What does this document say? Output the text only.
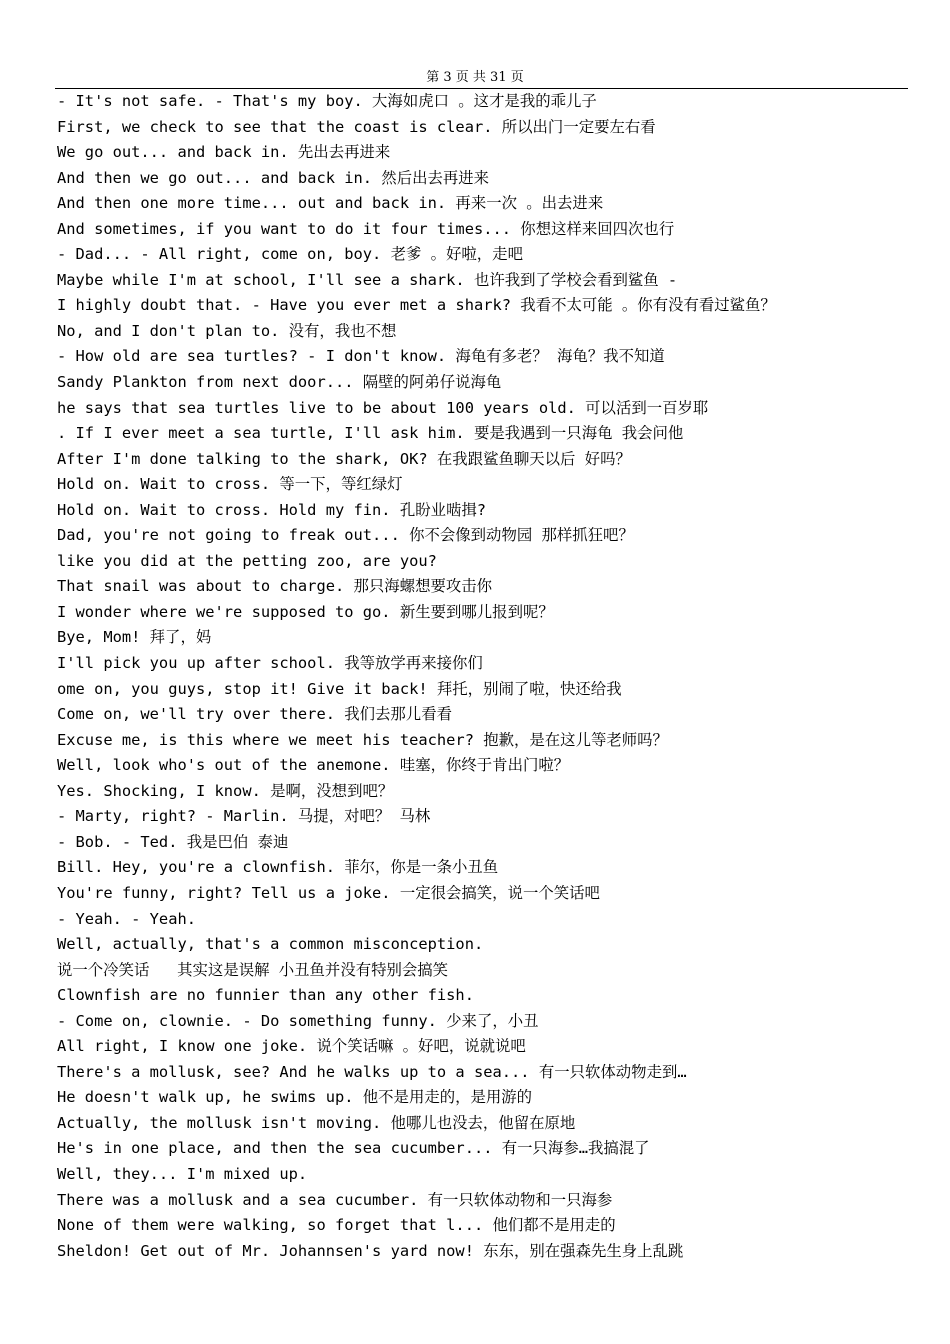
第 3 页 共 31 页
- It's not safe. - That's my boy. 大海如虎口 。这才是我的乖儿子
First, we check to see that the coast is clear. 所以出门一定要左右看
We go out... and back in. 先出去再进来
And then we go out... and back in. 然后出去再进来
And then one more time... out and back in. 再来一次 。出去进来
And sometimes, if you want to do it four times... 你想这样来回四次也行
- Dad... - All right, come on, boy. 老爹 。好啦，走吧
Maybe while I'm at school, I'll see a shark. 也许我到了学校会看到鲨鱼 -
I highly doubt that. - Have you ever met a shark? 我看不太可能 。你有没有看过鲨鱼？
No, and I don't plan to. 没有，我也不想
- How old are sea turtles? - I don't know. 海龟有多老？ 海龟？我不知道
Sandy Plankton from next door... 隔壁的阿弟仔说海龟
he says that sea turtles live to be about 100 years old. 可以活到一百岁耶
. If I ever meet a sea turtle, I'll ask him. 要是我遇到一只海龟 我会问他
After I'm done talking to the shark, OK? 在我跟鲨鱼聊天以后 好吗？
Hold on. Wait to cross. 等一下，等红绿灯
Hold on. Wait to cross. Hold my fin. 孔盼业啮揖?
Dad, you're not going to freak out... 你不会像到动物园 那样抓狂吧？
like you did at the petting zoo, are you?
That snail was about to charge. 那只海螺想要攻击你
I wonder where we're supposed to go. 新生要到哪儿报到呢？
Bye, Mom! 拜了，妈
I'll pick you up after school. 我等放学再来接你们
ome on, you guys, stop it! Give it back! 拜托，别闹了啦，快还给我
Come on, we'll try over there. 我们去那儿看看
Excuse me, is this where we meet his teacher? 抱歉，是在这儿等老师吗？
Well, look who's out of the anemone. 哇塞，你终于肯出门啦？
Yes. Shocking, I know. 是啊，没想到吧？
- Marty, right? - Marlin. 马提，对吧？ 马林
- Bob. - Ted. 我是巴伯 泰迪
Bill. Hey, you're a clownfish. 菲尔，你是一条小丑鱼
You're funny, right? Tell us a joke. 一定很会搞笑，说一个笑话吧
- Yeah. - Yeah.
Well, actually, that's a common misconception.
说一个冷笑话   其实这是误解 小丑鱼并没有特别会搞笑
Clownfish are no funnier than any other fish.
- Come on, clownie. - Do something funny. 少来了，小丑
All right, I know one joke. 说个笑话嘛 。好吧，说就说吧
There's a mollusk, see? And he walks up to a sea... 有一只软体动物走到…
He doesn't walk up, he swims up. 他不是用走的，是用游的
Actually, the mollusk isn't moving. 他哪儿也没去，他留在原地
He's in one place, and then the sea cucumber... 有一只海参…我搞混了
Well, they... I'm mixed up.
There was a mollusk and a sea cucumber. 有一只软体动物和一只海参
None of them were walking, so forget that l... 他们都不是用走的
Sheldon! Get out of Mr. Johannsen's yard now! 东东，别在强森先生身上乱跳
